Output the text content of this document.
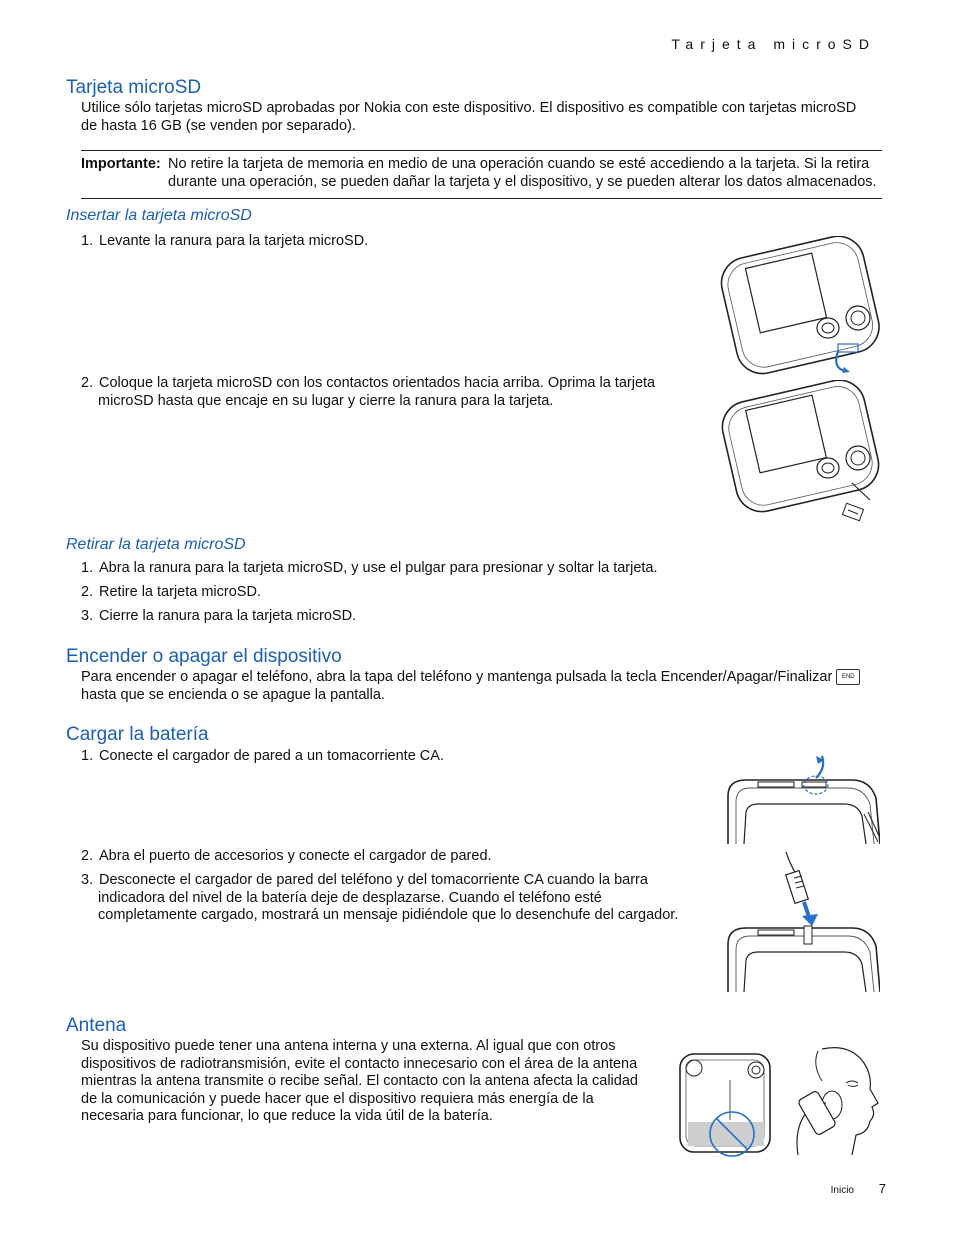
Tarjeta microSD
Tarjeta microSD
Utilice sólo tarjetas microSD aprobadas por Nokia con este dispositivo. El dispositivo es compatible con tarjetas microSD
de hasta 16 GB (se venden por separado).
Importante: No retire la tarjeta de memoria en medio de una operación cuando se esté accediendo a la tarjeta. Si la retira
durante una operación, se pueden dañar la tarjeta y el dispositivo, y se pueden alterar los datos almacenados.
Insertar la tarjeta microSD
1. Levante la ranura para la tarjeta microSD.
2. Coloque la tarjeta microSD con los contactos orientados hacia arriba. Oprima la tarjeta
microSD hasta que encaje en su lugar y cierre la ranura para la tarjeta.
Retirar la tarjeta microSD
1. Abra la ranura para la tarjeta microSD, y use el pulgar para presionar y soltar la tarjeta.
2. Retire la tarjeta microSD.
3. Cierre la ranura para la tarjeta microSD.
Encender o apagar el dispositivo
Para encender o apagar el teléfono, abra la tapa del teléfono y mantenga pulsada la tecla Encender/Apagar/Finalizar END
hasta que se encienda o se apague la pantalla.
Cargar la batería
1. Conecte el cargador de pared a un tomacorriente CA.
2. Abra el puerto de accesorios y conecte el cargador de pared.
3. Desconecte el cargador de pared del teléfono y del tomacorriente CA cuando la barra
indicadora del nivel de la batería deje de desplazarse. Cuando el teléfono esté
completamente cargado, mostrará un mensaje pidiéndole que lo desenchufe del cargador.
Antena
Su dispositivo puede tener una antena interna y una externa. Al igual que con otros
dispositivos de radiotransmisión, evite el contacto innecesario con el área de la antena
mientras la antena transmite o recibe señal. El contacto con la antena afecta la calidad
de la comunicación y puede hacer que el dispositivo requiera más energía de la
necesaria para funcionar, lo que reduce la vida útil de la batería.
Inicio 7
